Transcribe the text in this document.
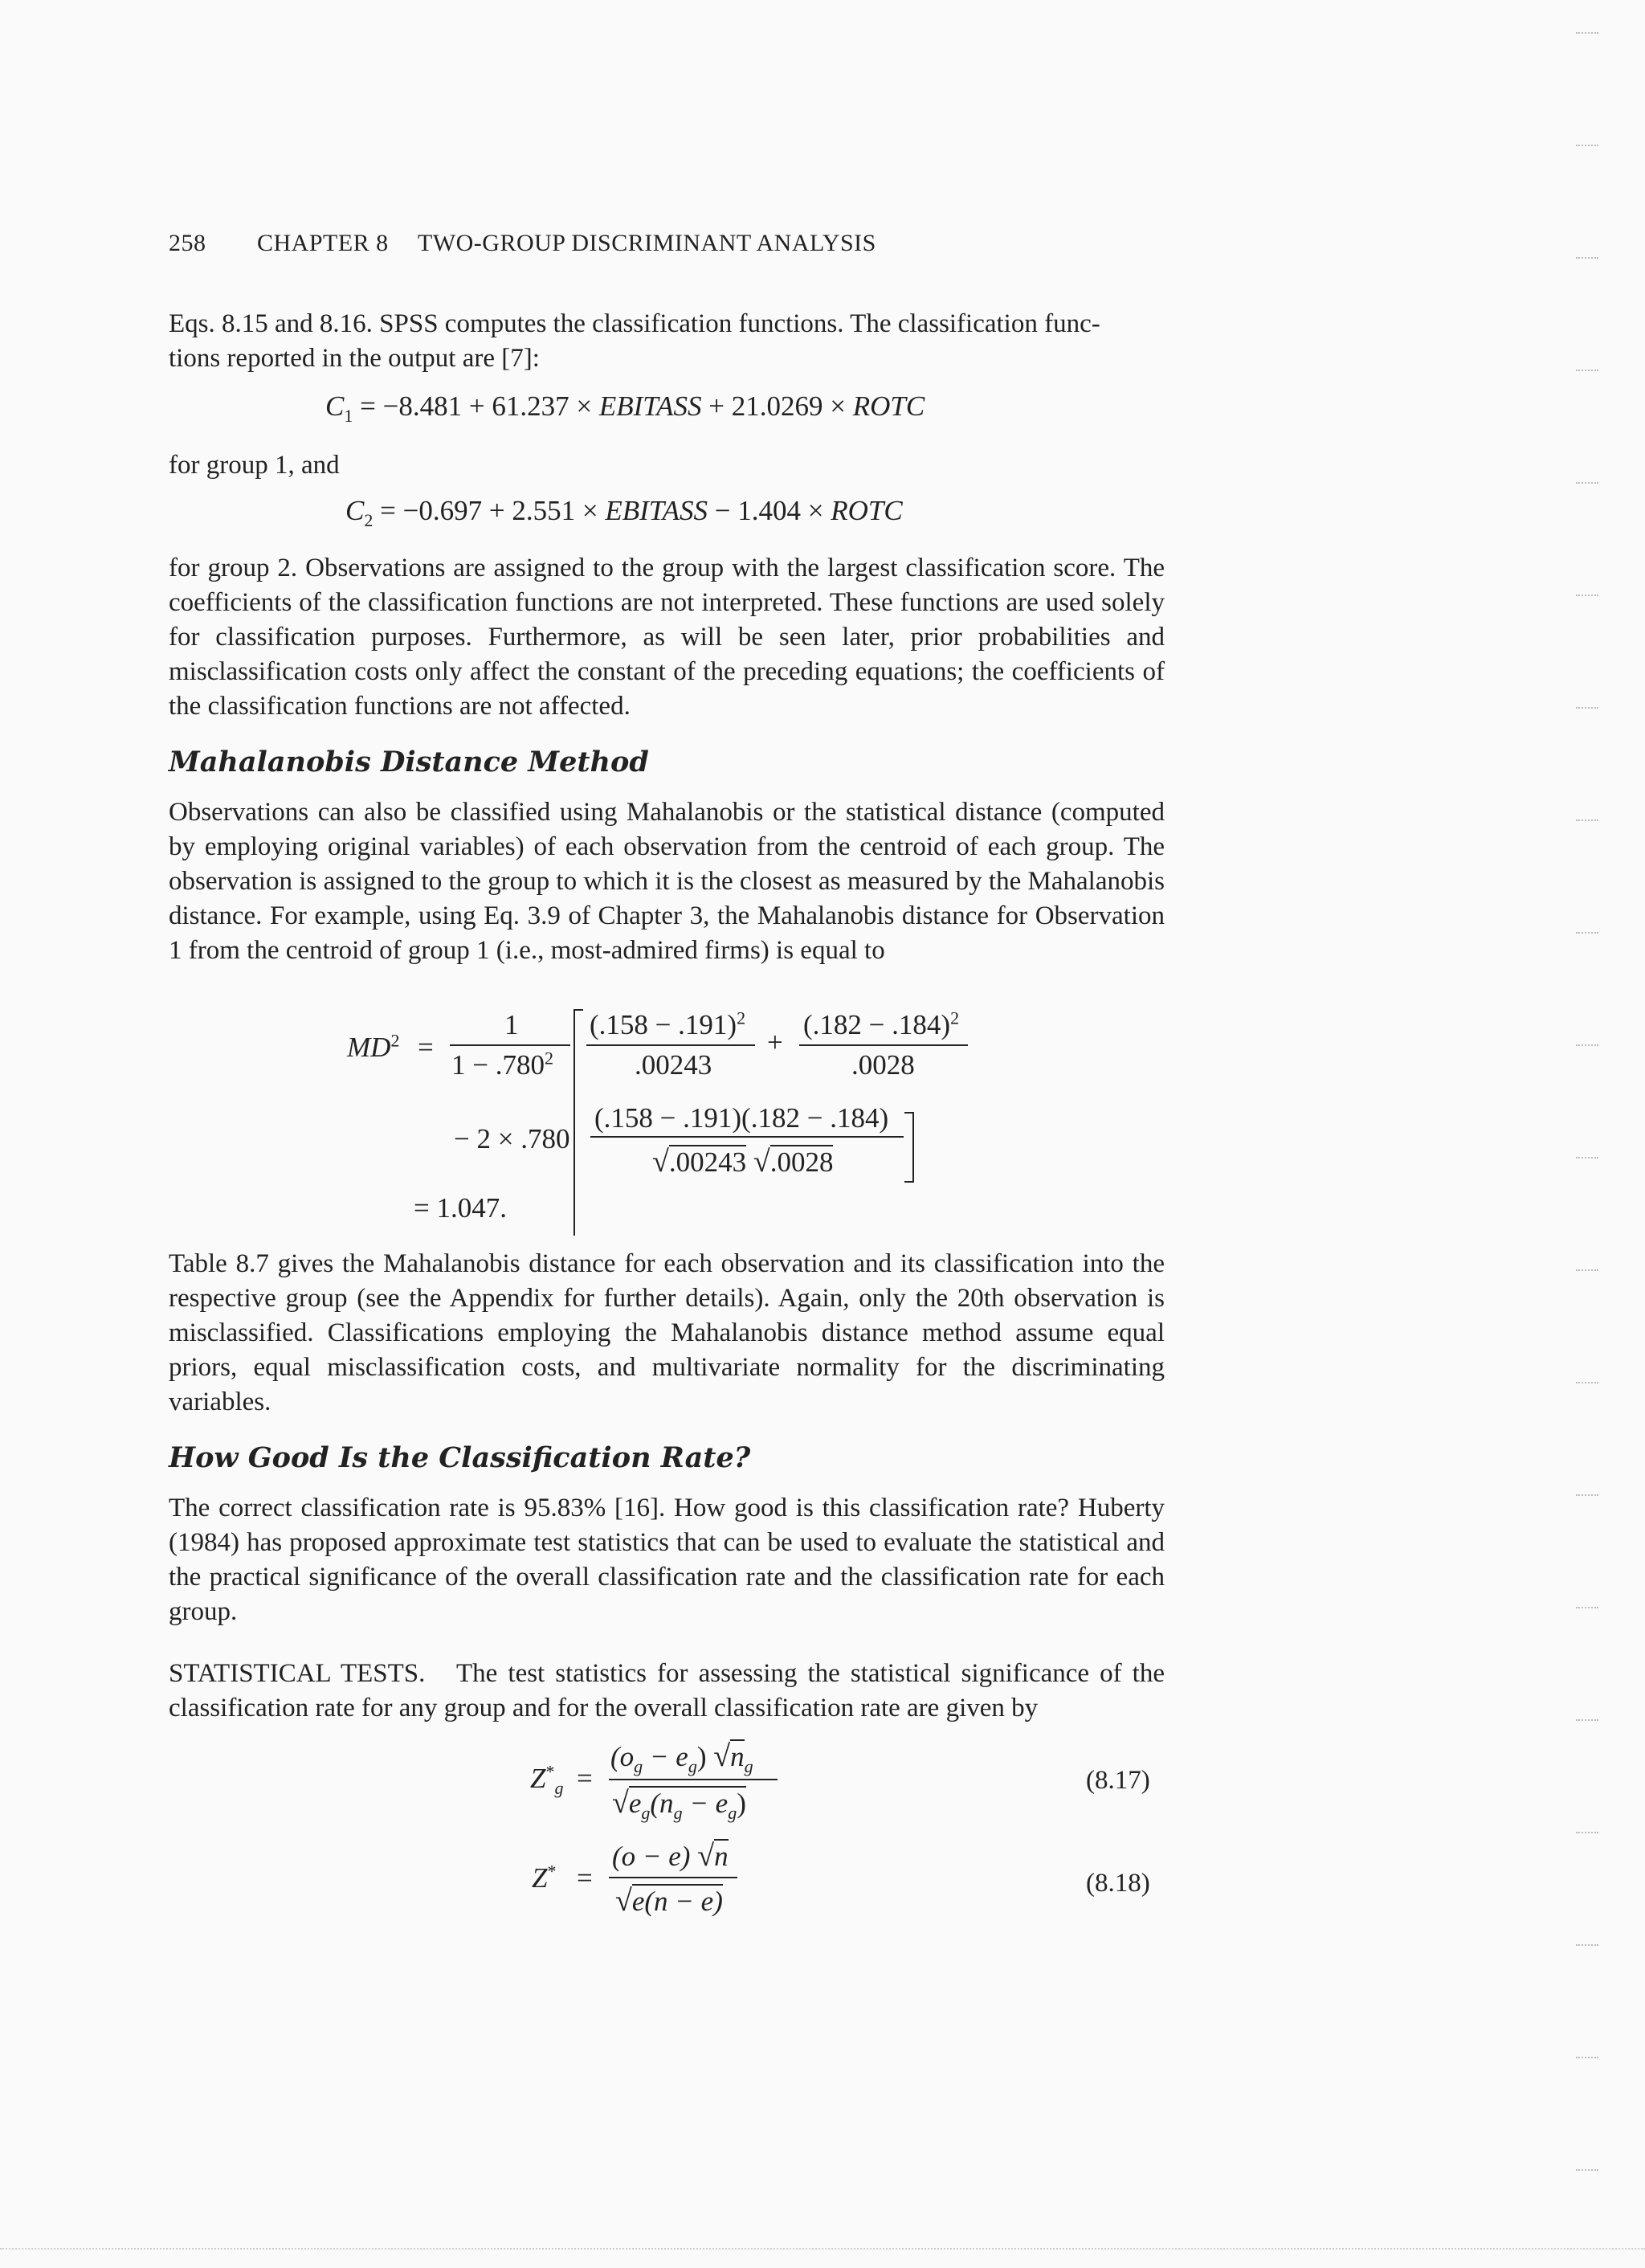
258 CHAPTER 8 TWO-GROUP DISCRIMINANT ANALYSIS
Eqs. 8.15 and 8.16. SPSS computes the classification functions. The classification func-
tions reported in the output are [7]:
$C_1 = -8.481 + 61.237$ × EBITASS + 21.0269 × ROTC
for group 1, and
$C_2 = -0.697 + 2.551$ × EBITASS − 1.404 × ROTC

for group 2. Observations are assigned to the group with the largest classification score. The coefficients of the classification functions are not interpreted. These functions are used solely for classification purposes. Furthermore, as will be seen later, prior probabilities and misclassification costs only affect the constant of the preceding equations; the coefficients of the classification functions are not affected.

Mahalanobis Distance Method

Observations can also be classified using Mahalanobis or the statistical distance (computed by employing original variables) of each observation from the centroid of each group. The observation is assigned to the group to which it is the closest as measured by the Mahalanobis distance. For example, using Eq. 3.9 of Chapter 3, the Mahalanobis distance for Observation 1 from the centroid of group 1 (i.e., most-admired firms) is equal to

$MD^2$ =
1
$1 - .780^2$
$(.158 - .191)^2$
.00243
+
$(.182 - .184)^2$
.0028
− 2 × .780
(.158 − .191)(.182 − .184)
√.00243 √.0028
= 1.047.

Table 8.7 gives the Mahalanobis distance for each observation and its classification into the respective group (see the Appendix for further details). Again, only the 20th observation is misclassified. Classifications employing the Mahalanobis distance method assume equal priors, equal misclassification costs, and multivariate normality for the discriminating variables.

How Good Is the Classification Rate?

The correct classification rate is 95.83% [16]. How good is this classification rate? Huberty (1984) has proposed approximate test statistics that can be used to evaluate the statistical and the practical significance of the overall classification rate and the classification rate for each group.

STATISTICAL TESTS. The test statistics for assessing the statistical significance of the classification rate for any group and for the overall classification rate are given by

$Z^*_g$ =
$(o_g - e_g)$ $√n_g$
$√e_g(n_g - e_g)$
(8.17)
Z* =
(o − e) √n
√e(n − e)
(8.18)
